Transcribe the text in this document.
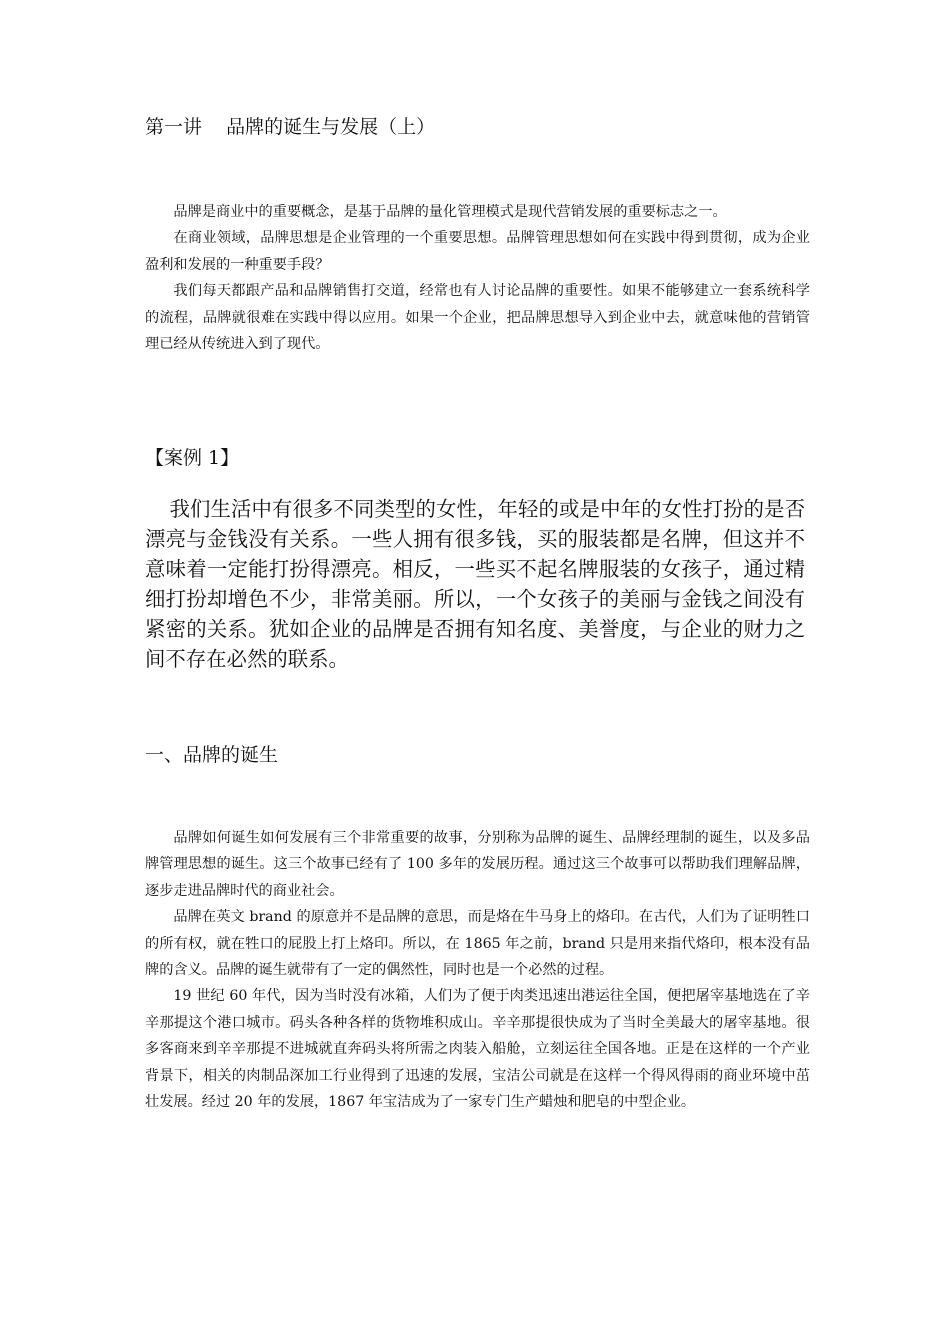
第一讲    品牌的诞生与发展（上）

品牌是商业中的重要概念，是基于品牌的量化管理模式是现代营销发展的重要标志之一。

在商业领域，品牌思想是企业管理的一个重要思想。品牌管理思想如何在实践中得到贯彻，成为企业盈利和发展的一种重要手段？

我们每天都跟产品和品牌销售打交道，经常也有人讨论品牌的重要性。如果不能够建立一套系统科学的流程，品牌就很难在实践中得以应用。如果一个企业，把品牌思想导入到企业中去，就意味他的营销管理已经从传统进入到了现代。

【案例 1】

我们生活中有很多不同类型的女性，年轻的或是中年的女性打扮的是否漂亮与金钱没有关系。一些人拥有很多钱，买的服装都是名牌，但这并不意味着一定能打扮得漂亮。相反，一些买不起名牌服装的女孩子，通过精细打扮却增色不少，非常美丽。所以，一个女孩子的美丽与金钱之间没有紧密的关系。犹如企业的品牌是否拥有知名度、美誉度，与企业的财力之间不存在必然的联系。

一、品牌的诞生

品牌如何诞生如何发展有三个非常重要的故事，分别称为品牌的诞生、品牌经理制的诞生，以及多品牌管理思想的诞生。这三个故事已经有了 100 多年的发展历程。通过这三个故事可以帮助我们理解品牌，逐步走进品牌时代的商业社会。

品牌在英文 brand 的原意并不是品牌的意思，而是烙在牛马身上的烙印。在古代，人们为了证明牲口的所有权，就在牲口的屁股上打上烙印。所以，在 1865 年之前，brand 只是用来指代烙印，根本没有品牌的含义。品牌的诞生就带有了一定的偶然性，同时也是一个必然的过程。

19 世纪 60 年代，因为当时没有冰箱，人们为了便于肉类迅速出港运往全国，便把屠宰基地选在了辛辛那提这个港口城市。码头各种各样的货物堆积成山。辛辛那提很快成为了当时全美最大的屠宰基地。很多客商来到辛辛那提不进城就直奔码头将所需之肉装入船舱，立刻运往全国各地。正是在这样的一个产业背景下，相关的肉制品深加工行业得到了迅速的发展，宝洁公司就是在这样一个得风得雨的商业环境中茁壮发展。经过 20 年的发展，1867 年宝洁成为了一家专门生产蜡烛和肥皂的中型企业。
